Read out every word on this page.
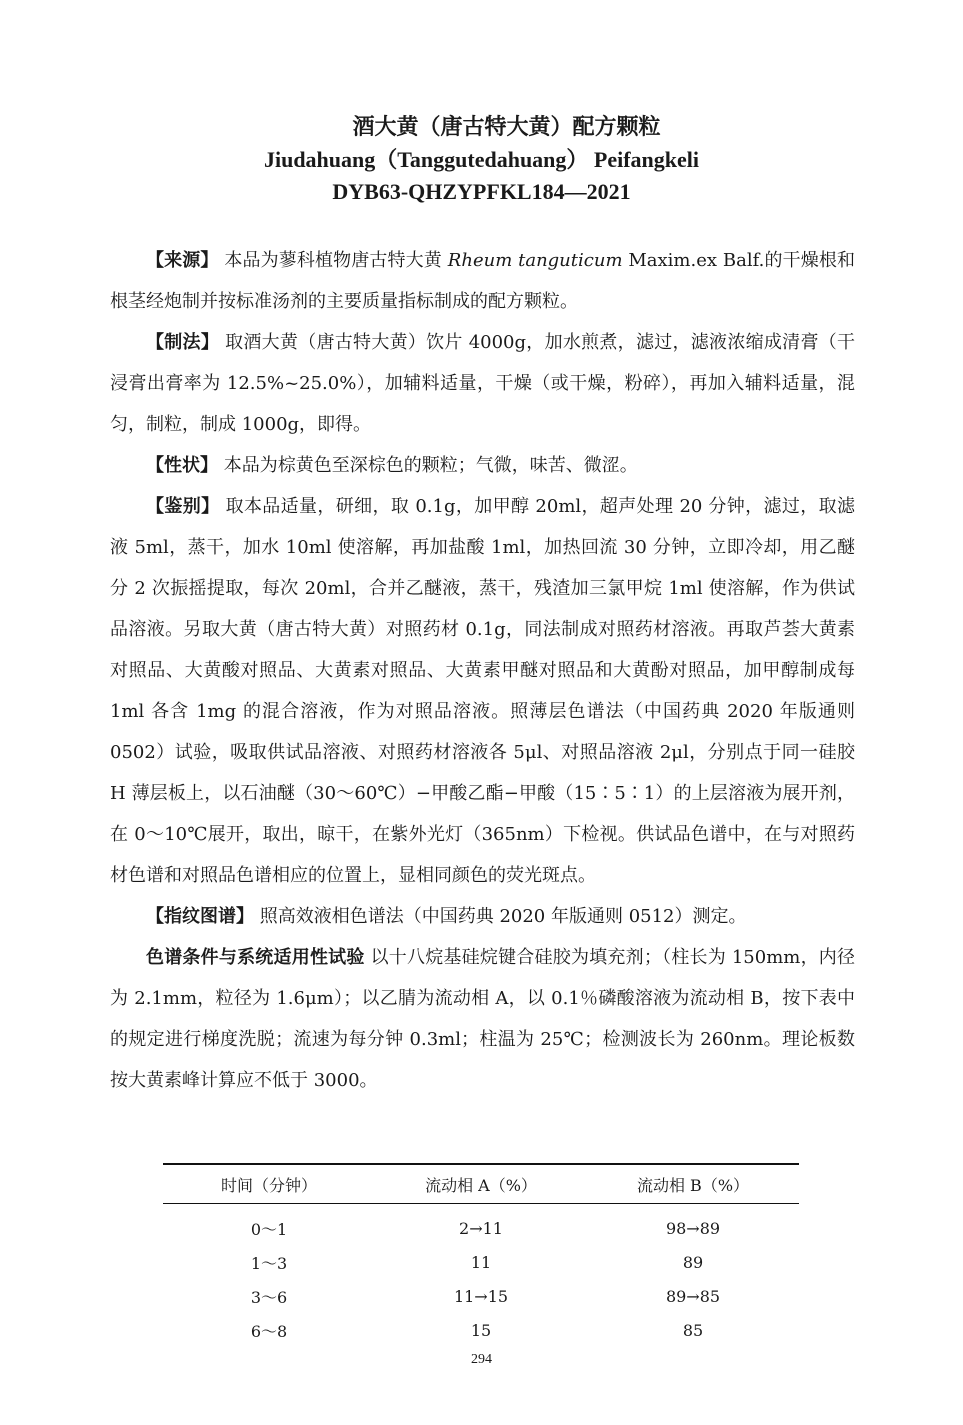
酒大黄（唐古特大黄）配方颗粒
Jiudahuang（Tanggutedahuang） Peifangkeli
DYB63-QHZYPFKL184—2021

【来源】 本品为蓼科植物唐古特大黄 Rheum tanguticum Maxim.ex Balf.的干燥根和根茎经炮制并按标准汤剂的主要质量指标制成的配方颗粒。

【制法】 取酒大黄（唐古特大黄）饮片 4000g，加水煎煮，滤过，滤液浓缩成清膏（干浸膏出膏率为 12.5%~25.0%），加辅料适量，干燥（或干燥，粉碎），再加入辅料适量，混匀，制粒，制成 1000g，即得。

【性状】 本品为棕黄色至深棕色的颗粒；气微，味苦、微涩。

【鉴别】 取本品适量，研细，取 0.1g，加甲醇 20ml，超声处理 20 分钟，滤过，取滤液 5ml，蒸干，加水 10ml 使溶解，再加盐酸 1ml，加热回流 30 分钟，立即冷却，用乙醚分 2 次振摇提取，每次 20ml，合并乙醚液，蒸干，残渣加三氯甲烷 1ml 使溶解，作为供试品溶液。另取大黄（唐古特大黄）对照药材 0.1g，同法制成对照药材溶液。再取芦荟大黄素对照品、大黄酸对照品、大黄素对照品、大黄素甲醚对照品和大黄酚对照品，加甲醇制成每 1ml 各含 1mg 的混合溶液，作为对照品溶液。照薄层色谱法（中国药典 2020 年版通则 0502）试验，吸取供试品溶液、对照药材溶液各 5μl、对照品溶液 2μl，分别点于同一硅胶 H 薄层板上，以石油醚（30～60℃）−甲酸乙酯−甲酸（15∶5∶1）的上层溶液为展开剂，在 0～10℃展开，取出，晾干，在紫外光灯（365nm）下检视。供试品色谱中，在与对照药材色谱和对照品色谱相应的位置上，显相同颜色的荧光斑点。

【指纹图谱】 照高效液相色谱法（中国药典 2020 年版通则 0512）测定。

色谱条件与系统适用性试验 以十八烷基硅烷键合硅胶为填充剂；（柱长为 150mm，内径为 2.1mm，粒径为 1.6μm）；以乙腈为流动相 A，以 0.1％磷酸溶液为流动相 B，按下表中的规定进行梯度洗脱；流速为每分钟 0.3ml；柱温为 25℃；检测波长为 260nm。理论板数按大黄素峰计算应不低于 3000。

时间（分钟）	流动相 A（%）	流动相 B（%）
0～1	2→11	98→89
1～3	11	89
3～6	11→15	89→85
6～8	15	85
294
